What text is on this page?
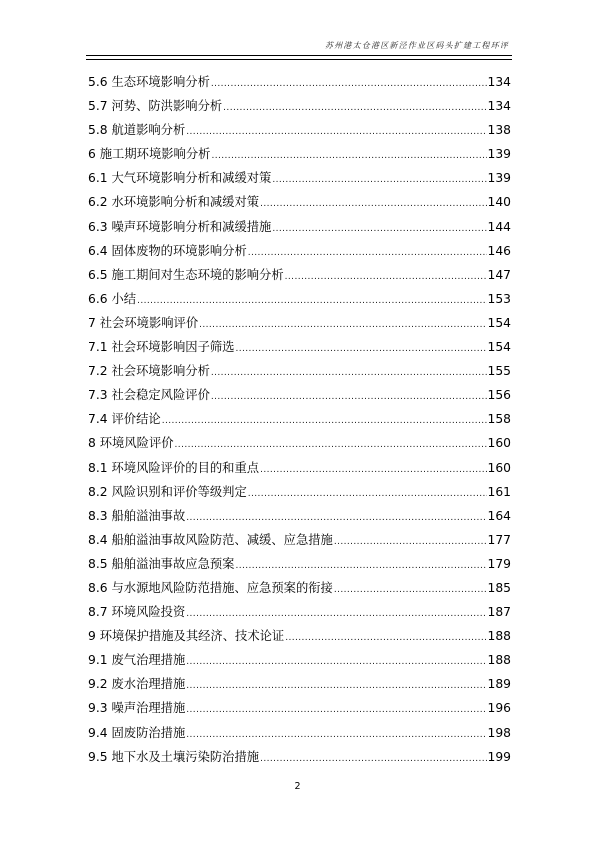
苏州港太仓港区新泾作业区码头扩建工程环评
5.6 生态环境影响分析 .....	134
5.7 河势、防洪影响分析 .....	134
5.8 航道影响分析 .....	138
6 施工期环境影响分析 .....	139
6.1 大气环境影响分析和减缓对策 .....	139
6.2 水环境影响分析和减缓对策 .....	140
6.3 噪声环境影响分析和减缓措施 .....	144
6.4 固体废物的环境影响分析 .....	146
6.5 施工期间对生态环境的影响分析 .....	147
6.6 小结 .....	153
7 社会环境影响评价 .....	154
7.1 社会环境影响因子筛选 .....	154
7.2 社会环境影响分析 .....	155
7.3 社会稳定风险评价 .....	156
7.4 评价结论 .....	158
8 环境风险评价 .....	160
8.1 环境风险评价的目的和重点 .....	160
8.2 风险识别和评价等级判定 .....	161
8.3 船舶溢油事故 .....	164
8.4 船舶溢油事故风险防范、减缓、应急措施 .....	177
8.5 船舶溢油事故应急预案 .....	179
8.6 与水源地风险防范措施、应急预案的衔接 .....	185
8.7 环境风险投资 .....	187
9 环境保护措施及其经济、技术论证 .....	188
9.1 废气治理措施 .....	188
9.2 废水治理措施 .....	189
9.3 噪声治理措施 .....	196
9.4 固废防治措施 .....	198
9.5 地下水及土壤污染防治措施 .....	199
2
